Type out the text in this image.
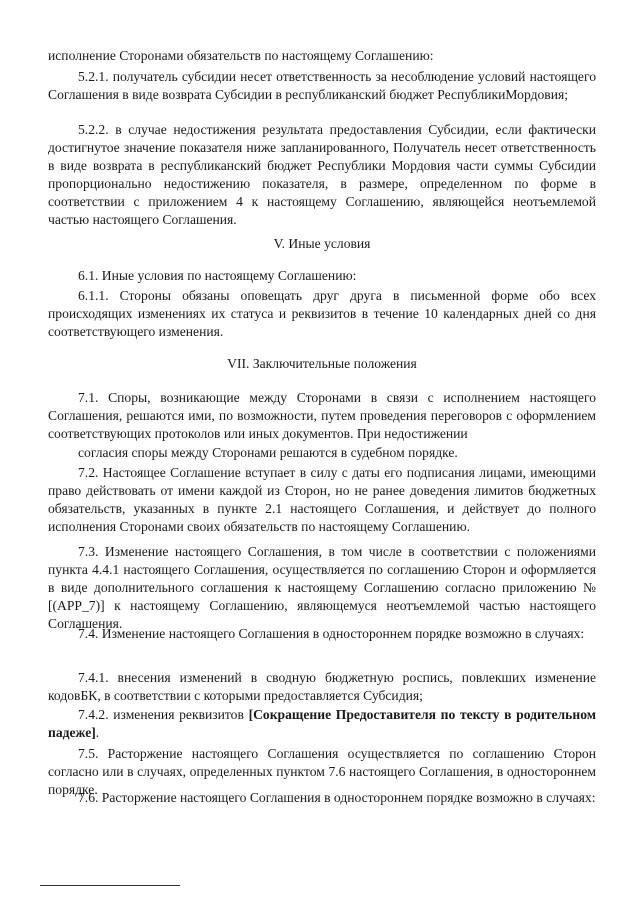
исполнение Сторонами обязательств по настоящему Соглашению:

5.2.1. получатель субсидии несет ответственность за несоблюдение условий настоящего Соглашения в виде возврата Субсидии в республиканский бюджет РеспубликиМордовия;

5.2.2. в случае недостижения результата предоставления Субсидии, если фактически достигнутое значение показателя ниже запланированного, Получатель несет ответственность в виде возврата в республиканский бюджет Республики Мордовия части суммы Субсидии пропорционально недостижению показателя, в размере, определенном по форме в соответствии с приложением 4 к настоящему Соглашению, являющейся неотъемлемой частью настоящего Соглашения.

V. Иные условия

6.1. Иные условия по настоящему Соглашению:

6.1.1. Стороны обязаны оповещать друг друга в письменной форме обо всех происходящих изменениях их статуса и реквизитов в течение 10 календарных дней со дня соответствующего изменения.

VII. Заключительные положения

7.1. Споры, возникающие между Сторонами в связи с исполнением настоящего Соглашения, решаются ими, по возможности, путем проведения переговоров с оформлением соответствующих протоколов или иных документов. При недостижении

согласия споры между Сторонами решаются в судебном порядке.

7.2. Настоящее Соглашение вступает в силу с даты его подписания лицами, имеющими право действовать от имени каждой из Сторон, но не ранее доведения лимитов бюджетных обязательств, указанных в пункте 2.1 настоящего Соглашения, и действует до полного исполнения Сторонами своих обязательств по настоящему Соглашению.

7.3. Изменение настоящего Соглашения, в том числе в соответствии с положениями пункта 4.4.1 настоящего Соглашения, осуществляется по соглашению Сторон и оформляется в виде дополнительного соглашения к настоящему Соглашению согласно приложению № [(APP_7)] к настоящему Соглашению, являющемуся неотъемлемой частью настоящего Соглашения.

7.4. Изменение настоящего Соглашения в одностороннем порядке возможно в случаях:

7.4.1. внесения изменений в сводную бюджетную роспись, повлекших изменение кодовБК, в соответствии с которыми предоставляется Субсидия;

7.4.2. изменения реквизитов [Сокращение Предоставителя по тексту в родительном падеже].

7.5. Расторжение настоящего Соглашения осуществляется по соглашению Сторон согласно или в случаях, определенных пунктом 7.6 настоящего Соглашения, в одностороннем порядке.

7.6. Расторжение настоящего Соглашения в одностороннем порядке возможно в случаях:
